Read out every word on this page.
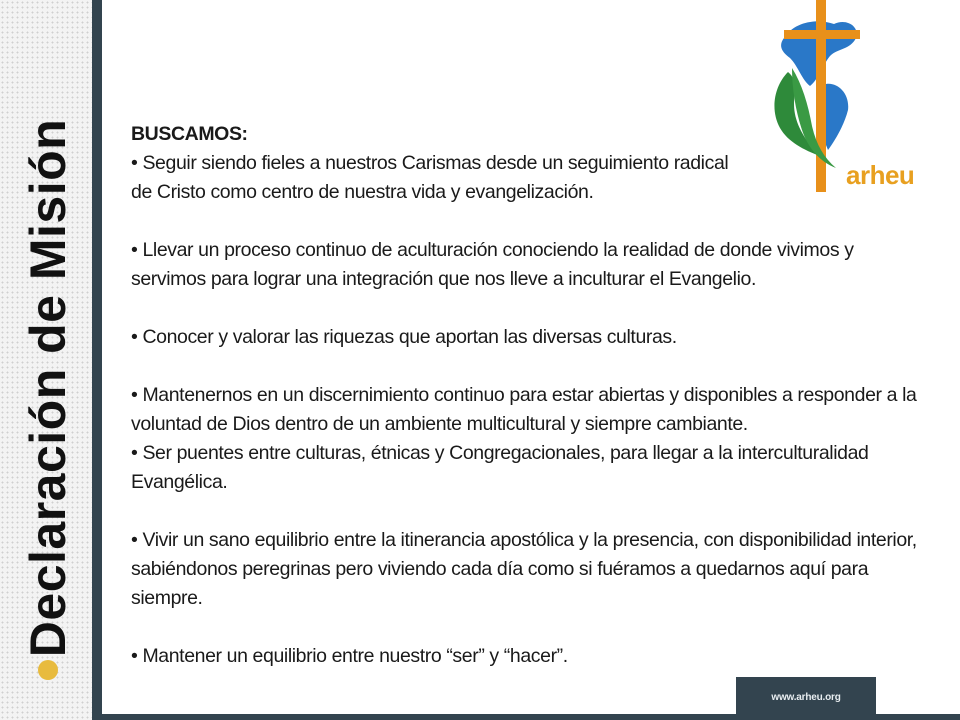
Declaración de Misión	arheu

BUSCAMOS:

• Seguir siendo fieles a nuestros Carismas desde un seguimiento radical

de Cristo como centro de nuestra vida y evangelización.

• Llevar un proceso continuo de aculturación conociendo la realidad de donde vivimos y servimos para lograr una integración que nos lleve a inculturar el Evangelio.

• Conocer y valorar las riquezas que aportan las diversas culturas.

• Mantenernos en un discernimiento continuo para estar abiertas y disponibles a responder a la voluntad de Dios dentro de un ambiente multicultural y siempre cambiante.

• Ser puentes entre culturas, étnicas y Congregacionales, para llegar a la interculturalidad Evangélica.

• Vivir un sano equilibrio entre la itinerancia apostólica y la presencia, con disponibilidad interior, sabiéndonos peregrinas pero viviendo cada día como si fuéramos a quedarnos aquí para siempre.

• Mantener un equilibrio entre nuestro “ser” y “hacer”.

www.arheu.org
